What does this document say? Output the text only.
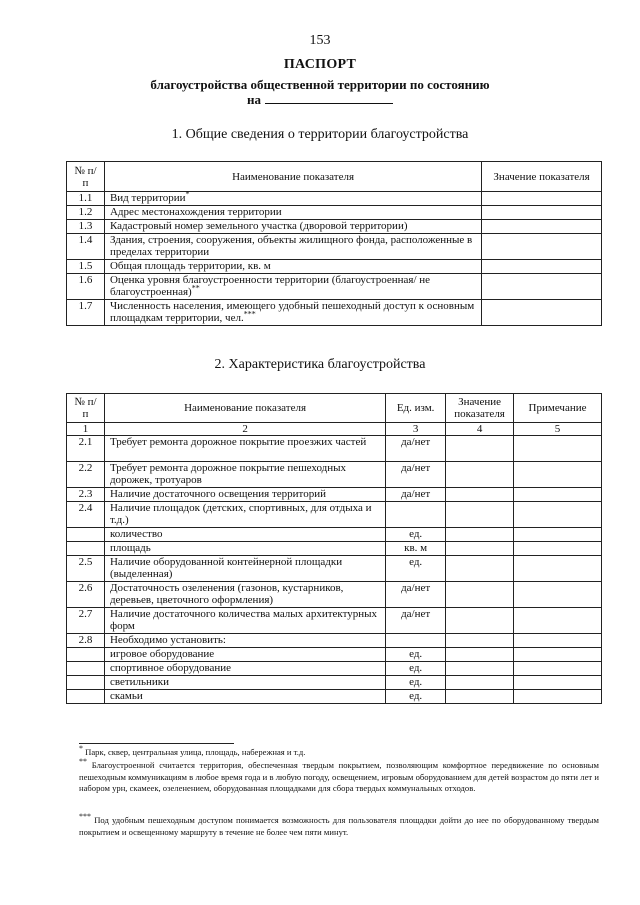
153
ПАСПОРТ
благоустройства общественной территории по состоянию
на
1. Общие сведения о территории благоустройства
№ п/п	Наименование показателя	Значение показателя
1.1	Вид территории*	
1.2	Адрес местонахождения территории	
1.3	Кадастровый номер земельного участка (дворовой территории)	
1.4	Здания, строения, сооружения, объекты жилищного фонда, расположенные в пределах территории	
1.5	Общая площадь территории, кв. м	
1.6	Оценка уровня благоустроенности территории (благоустроенная/ не благоустроенная)**	
1.7	Численность населения, имеющего удобный пешеходный доступ к основным площадкам территории, чел.***	
2. Характеристика благоустройства
№ п/п	Наименование показателя	Ед. изм.	Значение показателя	Примечание
1	2	3	4	5
2.1	Требует ремонта дорожное покрытие проезжих частей	да/нет		
2.2	Требует ремонта дорожное покрытие пешеходных дорожек, тротуаров	да/нет		
2.3	Наличие достаточного освещения территорий	да/нет		
2.4	Наличие площадок (детских, спортивных, для отдыха и т.д.)			
	количество	ед.		
	площадь	кв. м		
2.5	Наличие оборудованной контейнерной площадки (выделенная)	ед.		
2.6	Достаточность озеленения (газонов, кустарников, деревьев, цветочного оформления)	да/нет		
2.7	Наличие достаточного количества малых архитектурных форм	да/нет		
2.8	Необходимо установить:			
	игровое оборудование	ед.		
	спортивное оборудование	ед.		
	светильники	ед.		
	скамьи	ед.		
* Парк, сквер, центральная улица, площадь, набережная и т.д.
** Благоустроенной считается территория, обеспеченная твердым покрытием, позволяющим комфортное передвижение по основным пешеходным коммуникациям в любое время года и в любую погоду, освещением, игровым оборудованием для детей возрастом до пяти лет и набором урн, скамеек, озеленением, оборудованная площадками для сбора твердых коммунальных отходов.
*** Под удобным пешеходным доступом понимается возможность для пользователя площадки дойти до нее по оборудованному твердым покрытием и освещенному маршруту в течение не более чем пяти минут.
